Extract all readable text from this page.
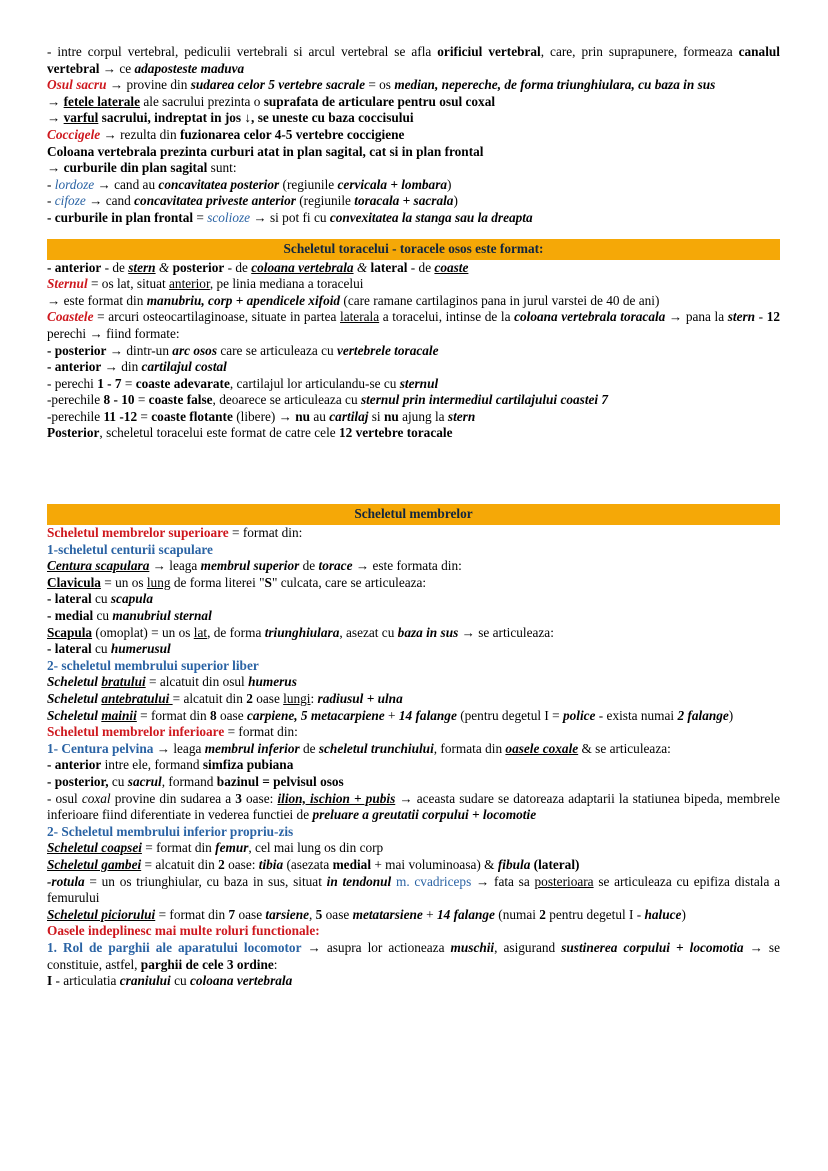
- intre corpul vertebral, pediculii vertebrali si arcul vertebral se afla orificiul vertebral, care, prin suprapunere, formeaza canalul vertebral → ce adaposteste maduva

Osul sacru → provine din sudarea celor 5 vertebre sacrale = os median, nepereche, de forma triunghiulara, cu baza in sus

→ fetele laterale ale sacrului prezinta o suprafata de articulare pentru osul coxal

→ varful sacrului, indreptat in jos ↓, se uneste cu baza coccisului

Coccigele → rezulta din fuzionarea celor 4-5 vertebre coccigiene

Coloana vertebrala prezinta curburi atat in plan sagital, cat si in plan frontal

→ curburile din plan sagital sunt:

- lordoze → cand au concavitatea posterior (regiunile cervicala + lombara)

- cifoze → cand concavitatea priveste anterior (regiunile toracala + sacrala)

- curburile in plan frontal = scolioze → si pot fi cu convexitatea la stanga sau la dreapta

Scheletul toracelui - toracele osos este format:

- anterior - de stern & posterior - de coloana vertebrala & lateral - de coaste

Sternul = os lat, situat anterior, pe linia mediana a toracelui

→ este format din manubriu, corp + apendicele xifoid (care ramane cartilaginos pana in jurul varstei de 40 de ani)

Coastele = arcuri osteocartilaginoase, situate in partea laterala a toracelui, intinse de la coloana vertebrala toracala → pana la stern - 12 perechi → fiind formate:

- posterior → dintr-un arc osos care se articuleaza cu vertebrele toracale

- anterior → din cartilajul costal

- perechi 1 - 7 = coaste adevarate, cartilajul lor articulandu-se cu sternul

-perechile 8 - 10 = coaste false, deoarece se articuleaza cu sternul prin intermediul cartilajului coastei 7

-perechile 11 -12 = coaste flotante (libere) → nu au cartilaj si nu ajung la stern

Posterior, scheletul toracelui este format de catre cele 12 vertebre toracale

Scheletul membrelor

Scheletul membrelor superioare = format din:

1-scheletul centurii scapulare

Centura scapulara → leaga membrul superior de torace → este formata din:

Clavicula = un os lung de forma literei "S" culcata, care se articuleaza:

- lateral cu scapula

- medial cu manubriul sternal

Scapula (omoplat) = un os lat, de forma triunghiulara, asezat cu baza in sus → se articuleaza:

- lateral cu humerusul

2- scheletul membrului superior liber

Scheletul bratului = alcatuit din osul humerus

Scheletul antebratului = alcatuit din 2 oase lungi: radiusul + ulna

Scheletul mainii = format din 8 oase carpiene, 5 metacarpiene + 14 falange (pentru degetul I = police - exista numai 2 falange)

Scheletul membrelor inferioare = format din:

1- Centura pelvina → leaga membrul inferior de scheletul trunchiului, formata din oasele coxale & se articuleaza:

- anterior intre ele, formand simfiza pubiana

- posterior, cu sacrul, formand bazinul = pelvisul osos

- osul coxal provine din sudarea a 3 oase: ilion, ischion + pubis → aceasta sudare se datoreaza adaptarii la statiunea bipeda, membrele inferioare fiind diferentiate in vederea functiei de preluare a greutatii corpului + locomotie

2- Scheletul membrului inferior propriu-zis

Scheletul coapsei = format din femur, cel mai lung os din corp

Scheletul gambei = alcatuit din 2 oase: tibia (asezata medial + mai voluminoasa) & fibula (lateral)

-rotula = un os triunghiular, cu baza in sus, situat in tendonul m. cvadriceps → fata sa posterioara se articuleaza cu epifiza distala a femurului

Scheletul piciorului = format din 7 oase tarsiene, 5 oase metatarsiene + 14 falange (numai 2 pentru degetul I - haluce)

Oasele indeplinesc mai multe roluri functionale:

1. Rol de parghii ale aparatului locomotor → asupra lor actioneaza muschii, asigurand sustinerea corpului + locomotia → se constituie, astfel, parghii de cele 3 ordine:

I - articulatia craniului cu coloana vertebrala
